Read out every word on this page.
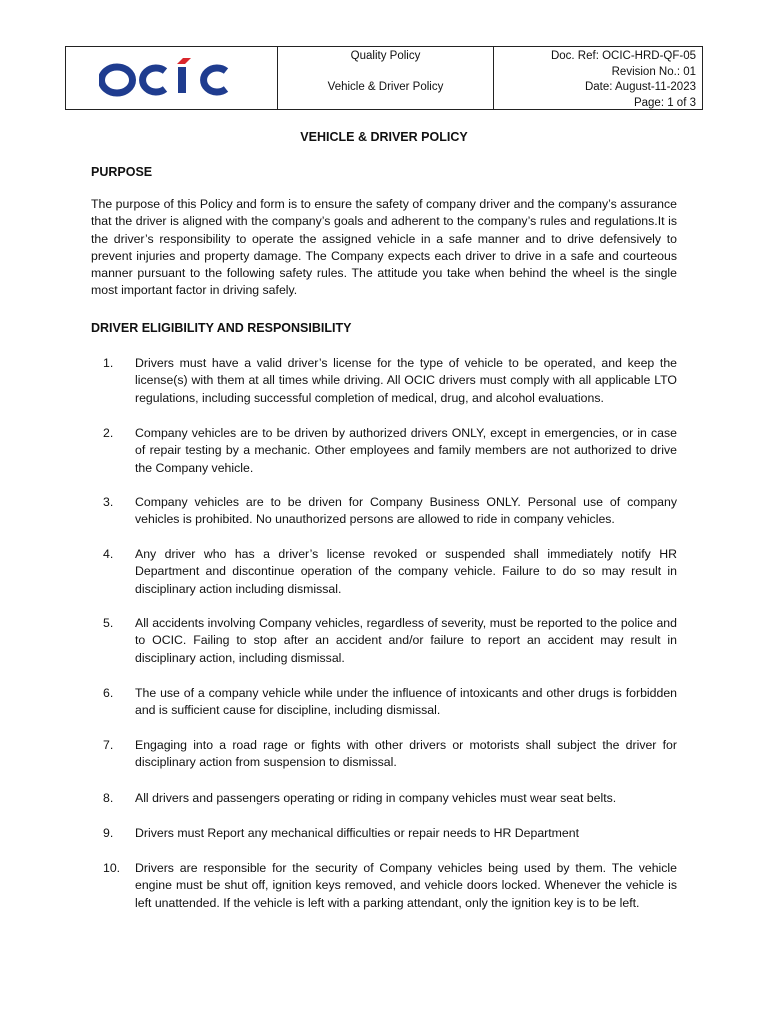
Quality Policy
Vehicle & Driver Policy
Doc. Ref: OCIC-HRD-QF-05
Revision No.: 01
Date: August-11-2023
Page: 1 of 3
VEHICLE & DRIVER POLICY
PURPOSE

The purpose of this Policy and form is to ensure the safety of company driver and the company’s assurance that the driver is aligned with the company’s goals and adherent to the company’s rules and regulations.It is the driver’s responsibility to operate the assigned vehicle in a safe manner and to drive defensively to prevent injuries and property damage. The Company expects each driver to drive in a safe and courteous manner pursuant to the following safety rules. The attitude you take when behind the wheel is the single most important factor in driving safely.

DRIVER ELIGIBILITY AND RESPONSIBILITY
1.	Drivers must have a valid driver’s license for the type of vehicle to be operated, and keep the license(s) with them at all times while driving. All OCIC drivers must comply with all applicable LTO regulations, including successful completion of medical, drug, and alcohol evaluations.
2.	Company vehicles are to be driven by authorized drivers ONLY, except in emergencies, or in case of repair testing by a mechanic. Other employees and family members are not authorized to drive the Company vehicle.
3.	Company vehicles are to be driven for Company Business ONLY. Personal use of company vehicles is prohibited. No unauthorized persons are allowed to ride in company vehicles.
4.	Any driver who has a driver’s license revoked or suspended shall immediately notify HR Department and discontinue operation of the company vehicle. Failure to do so may result in disciplinary action including dismissal.
5.	All accidents involving Company vehicles, regardless of severity, must be reported to the police and to OCIC. Failing to stop after an accident and/or failure to report an accident may result in disciplinary action, including dismissal.
6.	The use of a company vehicle while under the influence of intoxicants and other drugs is forbidden and is sufficient cause for discipline, including dismissal.
7.	Engaging into a road rage or fights with other drivers or motorists shall subject the driver for disciplinary action from suspension to dismissal.
8.	All drivers and passengers operating or riding in company vehicles must wear seat belts.
9.	Drivers must Report any mechanical difficulties or repair needs to HR Department
10.	Drivers are responsible for the security of Company vehicles being used by them. The vehicle engine must be shut off, ignition keys removed, and vehicle doors locked. Whenever the vehicle is left unattended. If the vehicle is left with a parking attendant, only the ignition key is to be left.
